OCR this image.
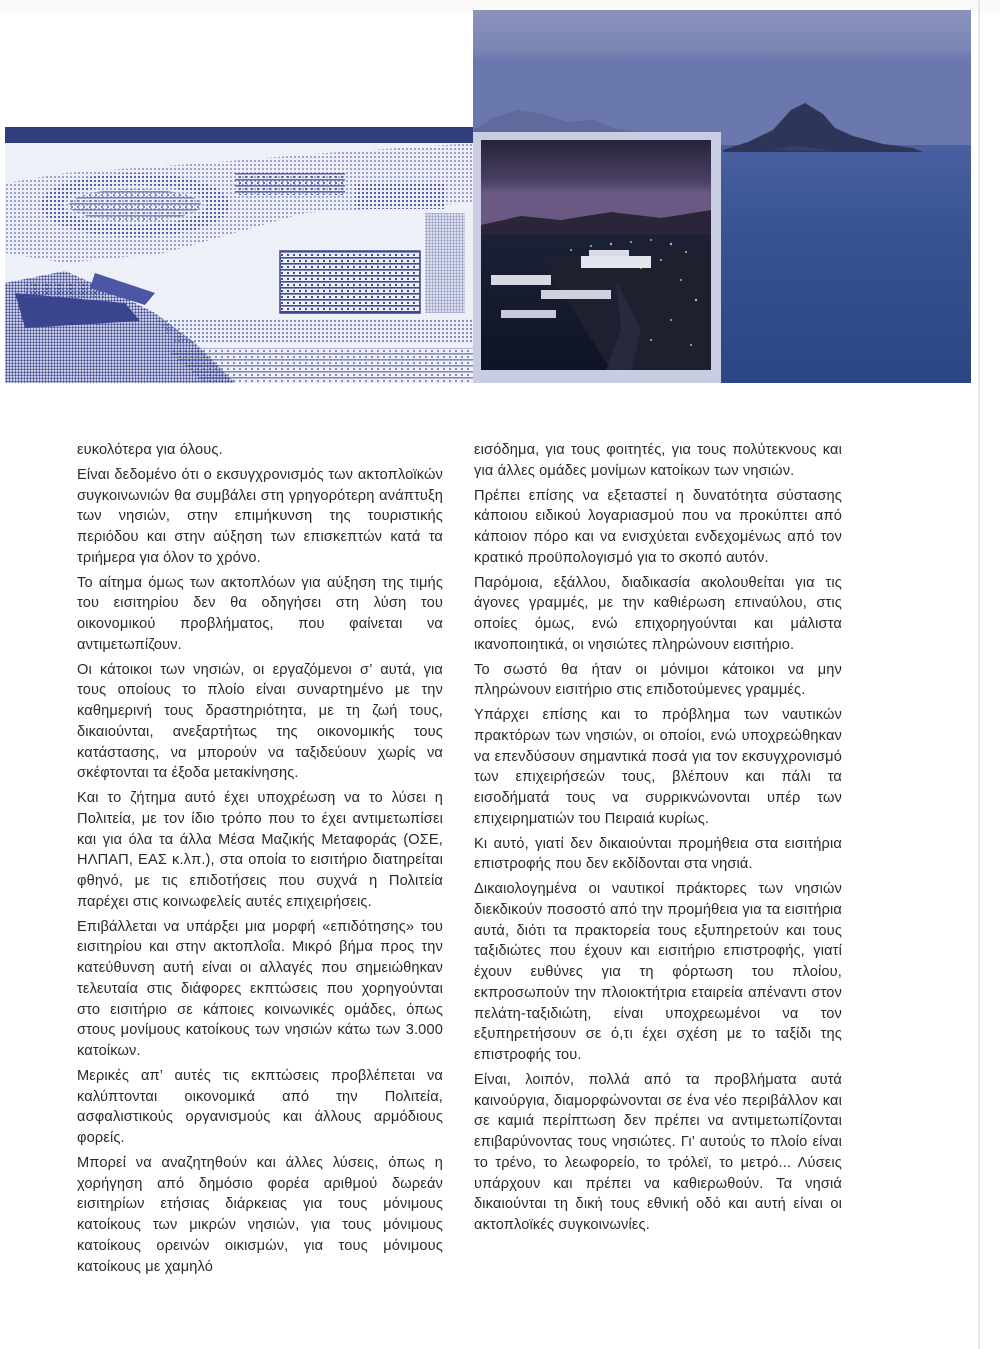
ευκολότερα για όλους.

Είναι δεδομένο ότι ο εκσυγχρονισμός των ακτοπλοϊκών συγκοινωνιών θα συμβάλει στη γρηγορότερη ανάπτυξη των νησιών, στην επιμήκυνση της τουριστικής περιόδου και στην αύξηση των επισκεπτών κατά τα τριήμερα για όλον το χρόνο.

Το αίτημα όμως των ακτοπλόων για αύξηση της τιμής του εισιτηρίου δεν θα οδηγήσει στη λύση του οικονομικού προβλήματος, που φαίνεται να αντιμετωπίζουν.

Οι κάτοικοι των νησιών, οι εργαζόμενοι σ’ αυτά, για τους οποίους το πλοίο είναι συναρτημένο με την καθημερινή τους δραστηριότητα, με τη ζωή τους, δικαιούνται, ανεξαρτήτως της οικονομικής τους κατάστασης, να μπορούν να ταξιδεύουν χωρίς να σκέφτονται τα έξοδα μετακίνησης.

Και το ζήτημα αυτό έχει υποχρέωση να το λύσει η Πολιτεία, με τον ίδιο τρόπο που το έχει αντιμετωπίσει και για όλα τα άλλα Μέσα Μαζικής Μεταφοράς (ΟΣΕ, ΗΛΠΑΠ, ΕΑΣ κ.λπ.), στα οποία το εισιτήριο διατηρείται φθηνό, με τις επιδοτήσεις που συχνά η Πολιτεία παρέχει στις κοινωφελείς αυτές επιχειρήσεις.

Επιβάλλεται να υπάρξει μια μορφή «επιδότησης» του εισιτηρίου και στην ακτοπλοΐα. Μικρό βήμα προς την κατεύθυνση αυτή είναι οι αλλαγές που σημειώθηκαν τελευταία στις διάφορες εκπτώσεις που χορηγούνται στο εισιτήριο σε κάποιες κοινωνικές ομάδες, όπως στους μονίμους κατοίκους των νησιών κάτω των 3.000 κατοίκων.

Μερικές απ’ αυτές τις εκπτώσεις προβλέπεται να καλύπτονται οικονομικά από την Πολιτεία, ασφαλιστικούς οργανισμούς και άλλους αρμόδιους φορείς.

Μπορεί να αναζητηθούν και άλλες λύσεις, όπως η χορήγηση από δημόσιο φορέα αριθμού δωρεάν εισιτηρίων ετήσιας διάρκειας για τους μόνιμους κατοίκους των μικρών νησιών, για τους μόνιμους κατοίκους ορεινών οικισμών, για τους μόνιμους κατοίκους με χαμηλό

εισόδημα, για τους φοιτητές, για τους πολύτεκνους και για άλλες ομάδες μονίμων κατοίκων των νησιών.

Πρέπει επίσης να εξεταστεί η δυνατότητα σύστασης κάποιου ειδικού λογαριασμού που να προκύπτει από κάποιον πόρο και να ενισχύεται ενδεχομένως από τον κρατικό προϋπολογισμό για το σκοπό αυτόν.

Παρόμοια, εξάλλου, διαδικασία ακολουθείται για τις άγονες γραμμές, με την καθιέρωση επιναύλου, στις οποίες όμως, ενώ επιχορηγούνται και μάλιστα ικανοποιητικά, οι νησιώτες πληρώνουν εισιτήριο.

Το σωστό θα ήταν οι μόνιμοι κάτοικοι να μην πληρώνουν εισιτήριο στις επιδοτούμενες γραμμές.

Υπάρχει επίσης και το πρόβλημα των ναυτικών πρακτόρων των νησιών, οι οποίοι, ενώ υποχρεώθηκαν να επενδύσουν σημαντικά ποσά για τον εκσυγχρονισμό των επιχειρήσεών τους, βλέπουν και πάλι τα εισοδήματά τους να συρρικνώνονται υπέρ των επιχειρηματιών του Πειραιά κυρίως.

Κι αυτό, γιατί δεν δικαιούνται προμήθεια στα εισιτήρια επιστροφής που δεν εκδίδονται στα νησιά.

Δικαιολογημένα οι ναυτικοί πράκτορες των νησιών διεκδικούν ποσοστό από την προμήθεια για τα εισιτήρια αυτά, διότι τα πρακτορεία τους εξυπηρετούν και τους ταξιδιώτες που έχουν και εισιτήριο επιστροφής, γιατί έχουν ευθύνες για τη φόρτωση του πλοίου, εκπροσωπούν την πλοιοκτήτρια εταιρεία απέναντι στον πελάτη-ταξιδιώτη, είναι υποχρεωμένοι να τον εξυπηρετήσουν σε ό,τι έχει σχέση με το ταξίδι της επιστροφής του.

Είναι, λοιπόν, πολλά από τα προβλήματα αυτά καινούργια, διαμορφώνονται σε ένα νέο περιβάλλον και σε καμιά περίπτωση δεν πρέπει να αντιμετωπίζονται επιβαρύνοντας τους νησιώτες. Γι’ αυτούς το πλοίο είναι το τρένο, το λεωφορείο, το τρόλεϊ, το μετρό... Λύσεις υπάρχουν και πρέπει να καθιερωθούν. Τα νησιά δικαιούνται τη δική τους εθνική οδό και αυτή είναι οι ακτοπλοϊκές συγκοινωνίες.
